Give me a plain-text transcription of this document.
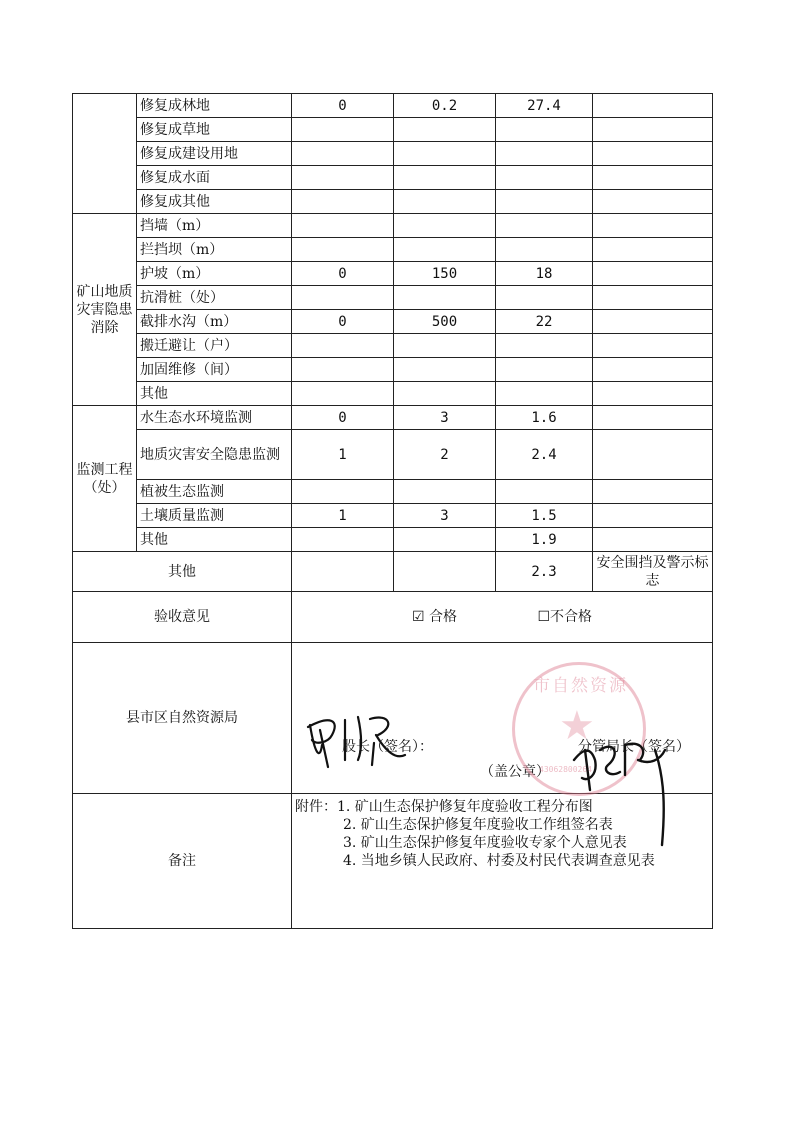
	修复成林地	0	0.2	27.4	
	修复成草地				
	修复成建设用地				
	修复成水面				
	修复成其他				
矿山地质灾害隐患消除	挡墙（m）				
	拦挡坝（m）				
	护坡（m）	0	150	18	
	抗滑桩（处）				
	截排水沟（m）	0	500	22	
	搬迁避让（户）				
	加固维修（间）				
	其他				
监测工程（处）	水生态水环境监测	0	3	1.6	
	地质灾害安全隐患监测	1	2	2.4	
	植被生态监测				
	土壤质量监测	1	3	1.5	
	其他			1.9	
其他				2.3	安全围挡及警示标志
验收意见		☑ 合格 ☐不合格			
县市区自然资源局		股长（签名）：
（盖公章）
分管局长（签名）			

备注		附件：1. 矿山生态保护修复年度验收工程分布图
2. 矿山生态保护修复年度验收工作组签名表
3. 矿山生态保护修复年度验收专家个人意见表
4. 当地乡镇人民政府、村委及村民代表调查意见表			
市自然资源
★
43062800264
